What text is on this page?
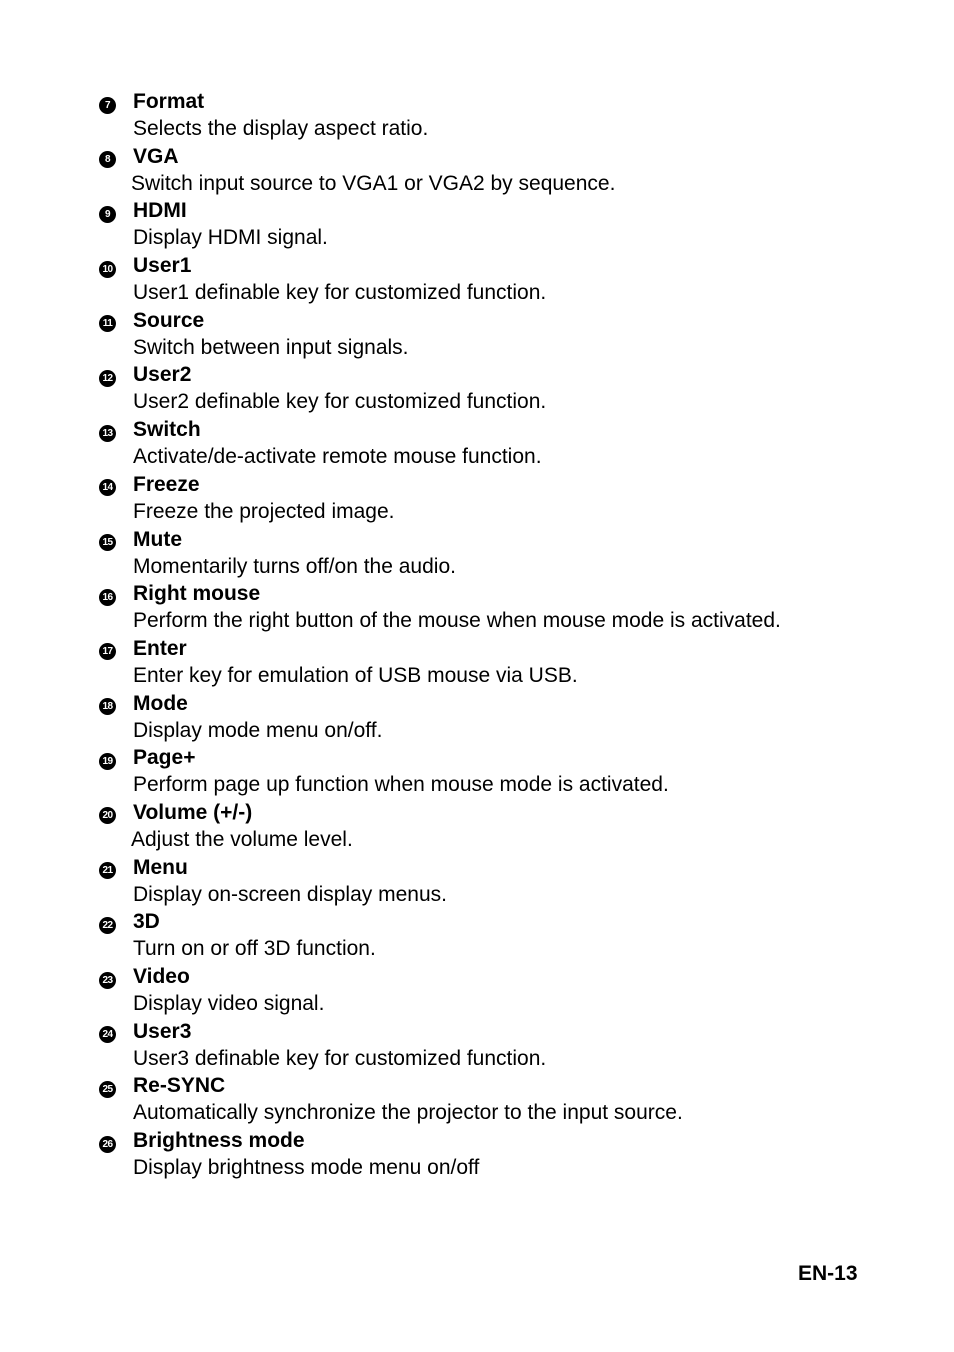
7 Format
Selects the display aspect ratio.
8 VGA
Switch input source to VGA1 or VGA2 by sequence.
9 HDMI
Display HDMI signal.
10 User1
User1 definable key for customized function.
11 Source
Switch between input signals.
12 User2
User2 definable key for customized function.
13 Switch
Activate/de-activate remote mouse function.
14 Freeze
Freeze the projected image.
15 Mute
Momentarily turns off/on the audio.
16 Right mouse
Perform the right button of the mouse when mouse mode is activated.
17 Enter
Enter key for emulation of USB mouse via USB.
18 Mode
Display mode menu on/off.
19 Page+
Perform page up function when mouse mode is activated.
20 Volume (+/-)
Adjust the volume level.
21 Menu
Display on-screen display menus.
22 3D
Turn on or off 3D function.
23 Video
Display video signal.
24 User3
User3 definable key for customized function.
25 Re-SYNC
Automatically synchronize the projector to the input source.
26 Brightness mode
Display brightness mode menu on/off
EN-13
